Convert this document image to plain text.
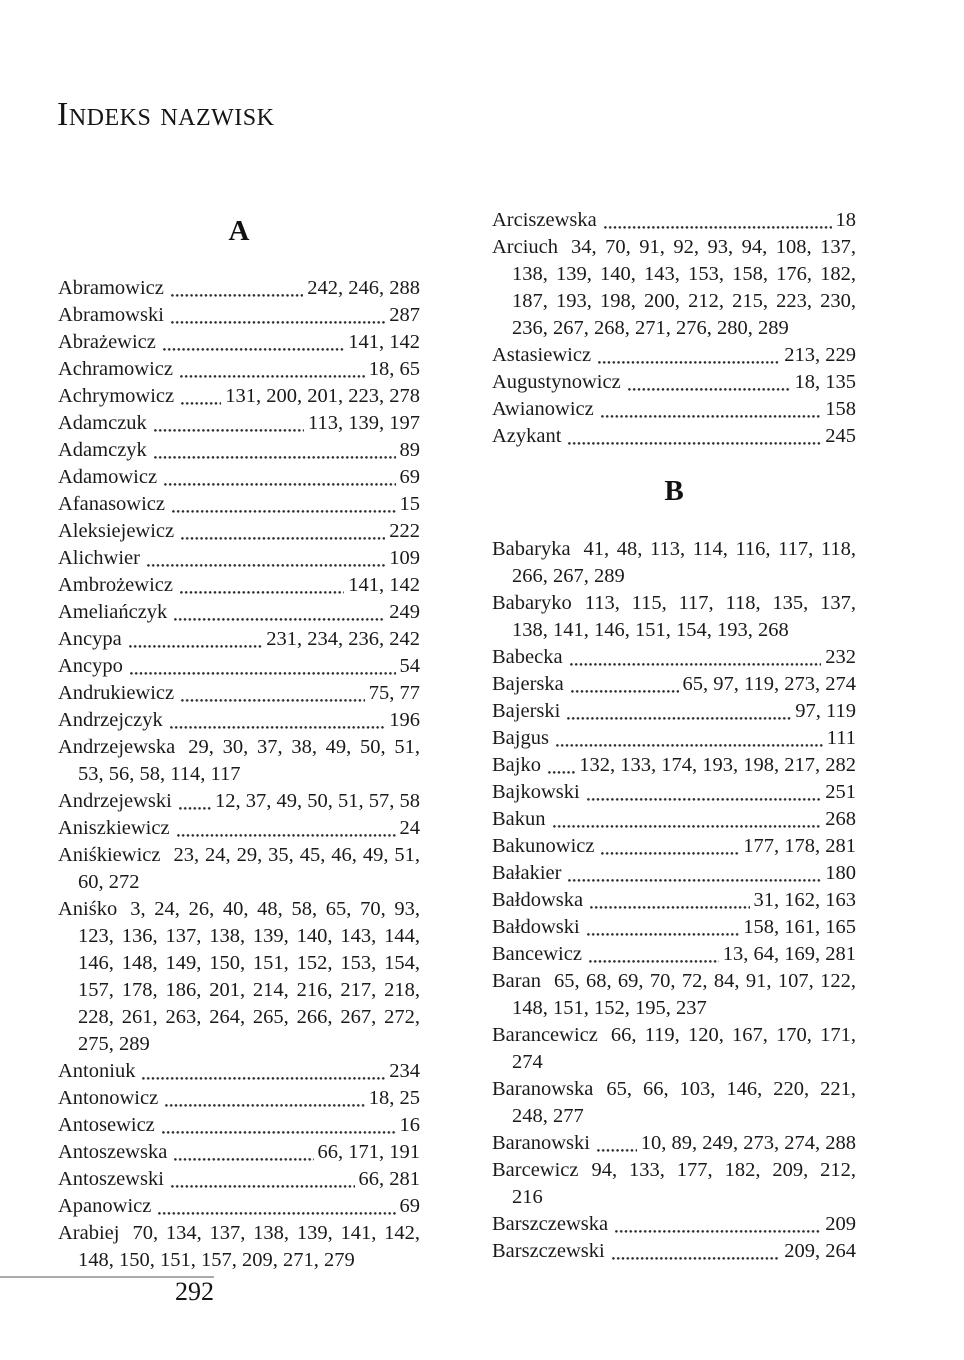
Indeks nazwisk
A

Abramowicz	242, 246, 288

Abramowski	287

Abrażewicz	141, 142

Achramowicz	18, 65

Achrymowicz 131, 200, 201, 223, 278

Adamczuk	113, 139, 197

Adamczyk	89

Adamowicz	69

Afanasowicz	15

Aleksiejewicz	222

Alichwier	109

Ambrożewicz	141, 142

Ameliańczyk	249

Ancypa	231, 234, 236, 242

Ancypo	54

Andrukiewicz	75, 77

Andrzejczyk	196

Andrzejewska 29, 30, 37, 38, 49, 50, 51, 53, 56, 58, 114, 117

Andrzejewski 12, 37, 49, 50, 51, 57, 58

Aniszkiewicz	24

Aniśkiewicz 23, 24, 29, 35, 45, 46, 49, 51, 60, 272

Aniśko 3, 24, 26, 40, 48, 58, 65, 70, 93, 123, 136, 137, 138, 139, 140, 143, 144, 146, 148, 149, 150, 151, 152, 153, 154, 157, 178, 186, 201, 214, 216, 217, 218, 228, 261, 263, 264, 265, 266, 267, 272, 275, 289

Antoniuk	234

Antonowicz	18, 25

Antosewicz	16

Antoszewska	66, 171, 191

Antoszewski	66, 281

Apanowicz	69

Arabiej 70, 134, 137, 138, 139, 141, 142, 148, 150, 151, 157, 209, 271, 279

Arciszewska	18

Arciuch 34, 70, 91, 92, 93, 94, 108, 137, 138, 139, 140, 143, 153, 158, 176, 182, 187, 193, 198, 200, 212, 215, 223, 230, 236, 267, 268, 271, 276, 280, 289

Astasiewicz	213, 229

Augustynowicz	18, 135

Awianowicz	158

Azykant	245

B

Babaryka 41, 48, 113, 114, 116, 117, 118, 266, 267, 289

Babaryko 113, 115, 117, 118, 135, 137, 138, 141, 146, 151, 154, 193, 268

Babecka	232

Bajerska	65, 97, 119, 273, 274

Bajerski	97, 119

Bajgus	111

Bajko 132, 133, 174, 193, 198, 217, 282

Bajkowski	251

Bakun	268

Bakunowicz	177, 178, 281

Bałakier	180

Bałdowska	31, 162, 163

Bałdowski	158, 161, 165

Bancewicz	13, 64, 169, 281

Baran 65, 68, 69, 70, 72, 84, 91, 107, 122, 148, 151, 152, 195, 237

Barancewicz 66, 119, 120, 167, 170, 171, 274

Baranowska 65, 66, 103, 146, 220, 221, 248, 277

Baranowski 10, 89, 249, 273, 274, 288

Barcewicz 94, 133, 177, 182, 209, 212, 216

Barszczewska	209

Barszczewski	209, 264

292
